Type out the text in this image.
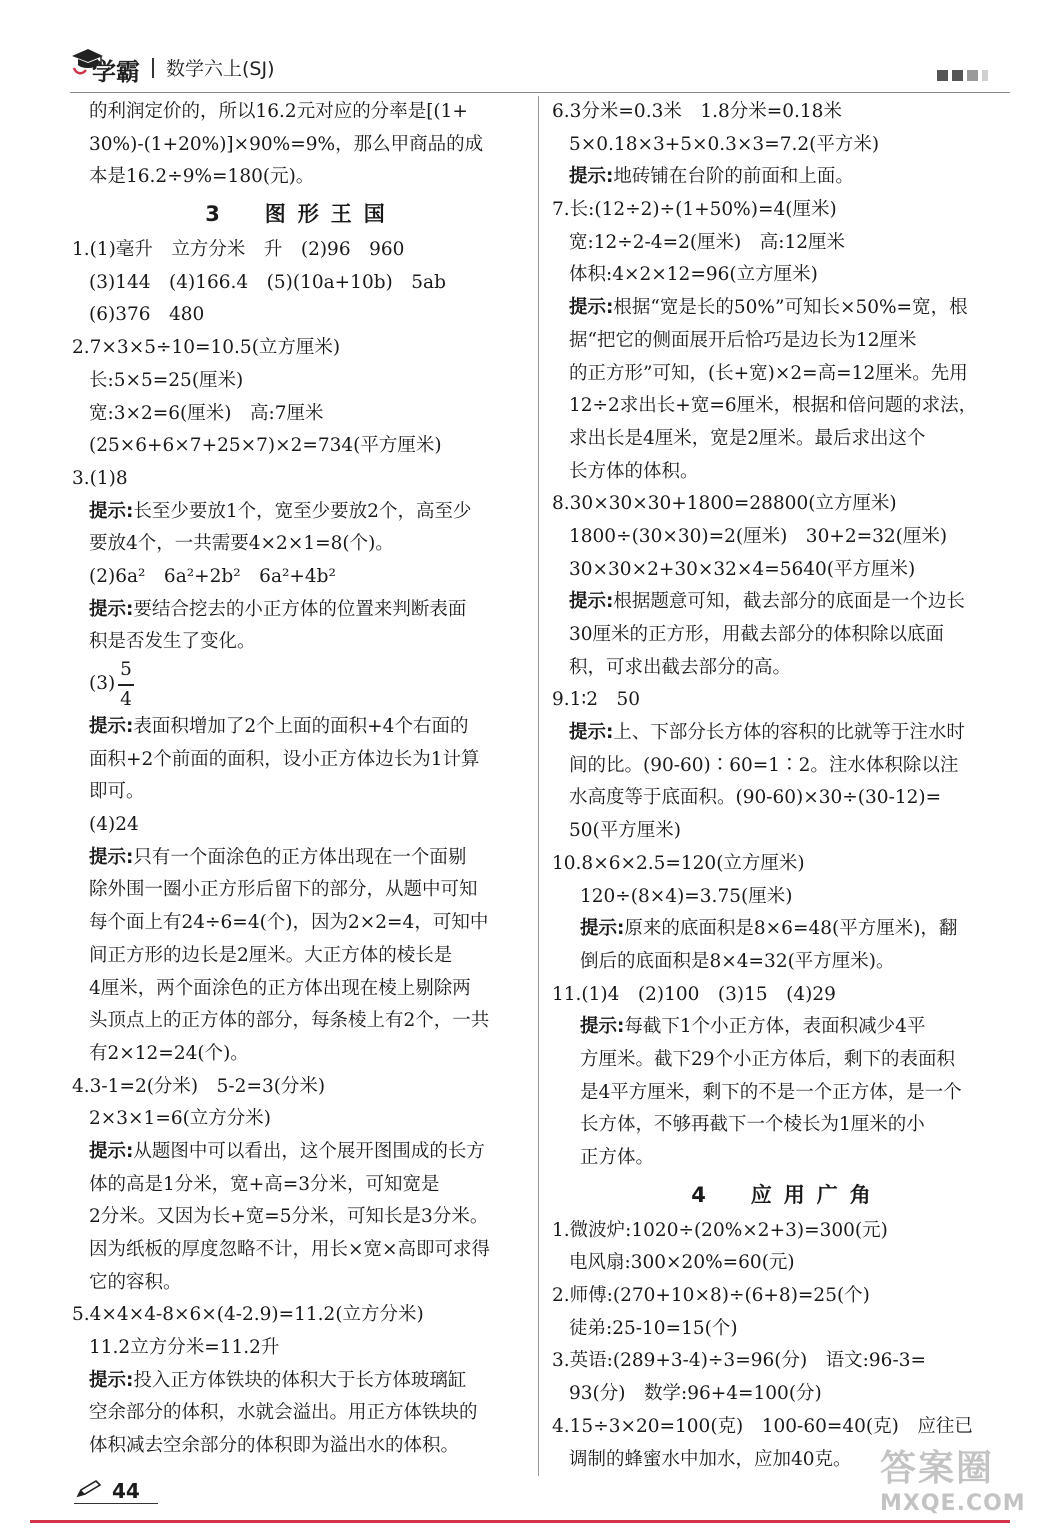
学霸 数学六上(SJ)
的利润定价的，所以16.2元对应的分率是[(1+
30%)-(1+20%)]×90%=9%，那么甲商品的成
本是16.2÷9%=180(元)。
3　图形王国
1.(1)毫升　立方分米　升　(2)96　960
(3)144　(4)166.4　(5)(10a+10b)　5ab
(6)376　480
2.7×3×5÷10=10.5(立方厘米)
长:5×5=25(厘米)
宽:3×2=6(厘米)　高:7厘米
(25×6+6×7+25×7)×2=734(平方厘米)
3.(1)8
提示:长至少要放1个，宽至少要放2个，高至少
要放4个，一共需要4×2×1=8(个)。
(2)6a²　6a²+2b²　6a²+4b²
提示:要结合挖去的小正方体的位置来判断表面
积是否发生了变化。
(3)
5
4
提示:表面积增加了2个上面的面积+4个右面的
面积+2个前面的面积，设小正方体边长为1计算
即可。
(4)24
提示:只有一个面涂色的正方体出现在一个面剔
除外围一圈小正方形后留下的部分，从题中可知
每个面上有24÷6=4(个)，因为2×2=4，可知中
间正方形的边长是2厘米。大正方体的棱长是
4厘米，两个面涂色的正方体出现在棱上剔除两
头顶点上的正方体的部分，每条棱上有2个，一共
有2×12=24(个)。
4.3-1=2(分米)　5-2=3(分米)
2×3×1=6(立方分米)
提示:从题图中可以看出，这个展开图围成的长方
体的高是1分米，宽+高=3分米，可知宽是
2分米。又因为长+宽=5分米，可知长是3分米。
因为纸板的厚度忽略不计，用长×宽×高即可求得
它的容积。
5.4×4×4-8×6×(4-2.9)=11.2(立方分米)
11.2立方分米=11.2升
提示:投入正方体铁块的体积大于长方体玻璃缸
空余部分的体积，水就会溢出。用正方体铁块的
体积减去空余部分的体积即为溢出水的体积。
6.3分米=0.3米　1.8分米=0.18米
5×0.18×3+5×0.3×3=7.2(平方米)
提示:地砖铺在台阶的前面和上面。
7.长:(12÷2)÷(1+50%)=4(厘米)
宽:12÷2-4=2(厘米)　高:12厘米
体积:4×2×12=96(立方厘米)
提示:根据“宽是长的50%”可知长×50%=宽，根
据“把它的侧面展开后恰巧是边长为12厘米
的正方形”可知，(长+宽)×2=高=12厘米。先用
12÷2求出长+宽=6厘米，根据和倍问题的求法，
求出长是4厘米，宽是2厘米。最后求出这个
长方体的体积。
8.30×30×30+1800=28800(立方厘米)
1800÷(30×30)=2(厘米)　30+2=32(厘米)
30×30×2+30×32×4=5640(平方厘米)
提示:根据题意可知，截去部分的底面是一个边长
30厘米的正方形，用截去部分的体积除以底面
积，可求出截去部分的高。
9.1∶2　50
提示:上、下部分长方体的容积的比就等于注水时
间的比。(90-60)∶60=1∶2。注水体积除以注
水高度等于底面积。(90-60)×30÷(30-12)=
50(平方厘米)
10.8×6×2.5=120(立方厘米)
120÷(8×4)=3.75(厘米)
提示:原来的底面积是8×6=48(平方厘米)，翻
倒后的底面积是8×4=32(平方厘米)。
11.(1)4　(2)100　(3)15　(4)29
提示:每截下1个小正方体，表面积减少4平
方厘米。截下29个小正方体后，剩下的表面积
是4平方厘米，剩下的不是一个正方体，是一个
长方体，不够再截下一个棱长为1厘米的小
正方体。
4　应用广角
1.微波炉:1020÷(20%×2+3)=300(元)
电风扇:300×20%=60(元)
2.师傅:(270+10×8)÷(6+8)=25(个)
徒弟:25-10=15(个)
3.英语:(289+3-4)÷3=96(分)　语文:96-3=
93(分)　数学:96+4=100(分)
4.15÷3×20=100(克)　100-60=40(克)　应往已
调制的蜂蜜水中加水，应加40克。
44
答案圈
MXQE.COM
